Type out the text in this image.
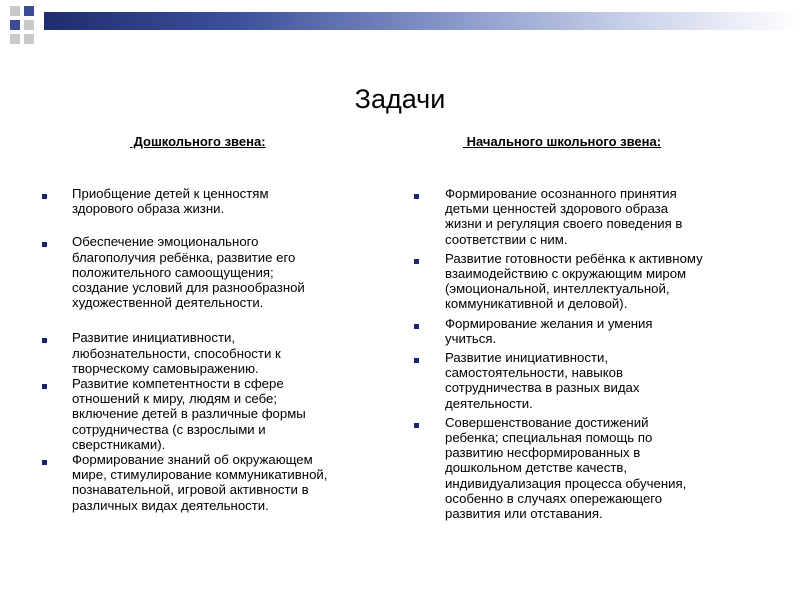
Задачи
Дошкольного звена:	Начального школьного звена:
Приобщение детей к ценностям
здорового образа жизни.
Обеспечение эмоционального
благополучия ребёнка, развитие его
положительного самоощущения;
создание условий для разнообразной
художественной деятельности.
Развитие инициативности,
любознательности, способности к
творческому самовыражению.
Развитие компетентности в сфере
отношений к миру, людям и себе;
включение детей в различные формы
сотрудничества (с взрослыми и
сверстниками).
Формирование знаний об окружающем
мире, стимулирование коммуникативной,
познавательной, игровой активности в
различных видах деятельности.
Формирование осознанного принятия
детьми ценностей здорового образа
жизни и регуляция своего поведения в
соответствии с ним.
Развитие готовности ребёнка к активному
взаимодействию с окружающим миром
(эмоциональной, интеллектуальной,
коммуникативной и деловой).
Формирование желания и умения
учиться.
Развитие инициативности,
самостоятельности, навыков
сотрудничества в разных видах
деятельности.
Совершенствование достижений
ребенка; специальная помощь по
развитию несформированных в
дошкольном детстве качеств,
индивидуализация процесса обучения,
особенно в случаях опережающего
развития или отставания.
